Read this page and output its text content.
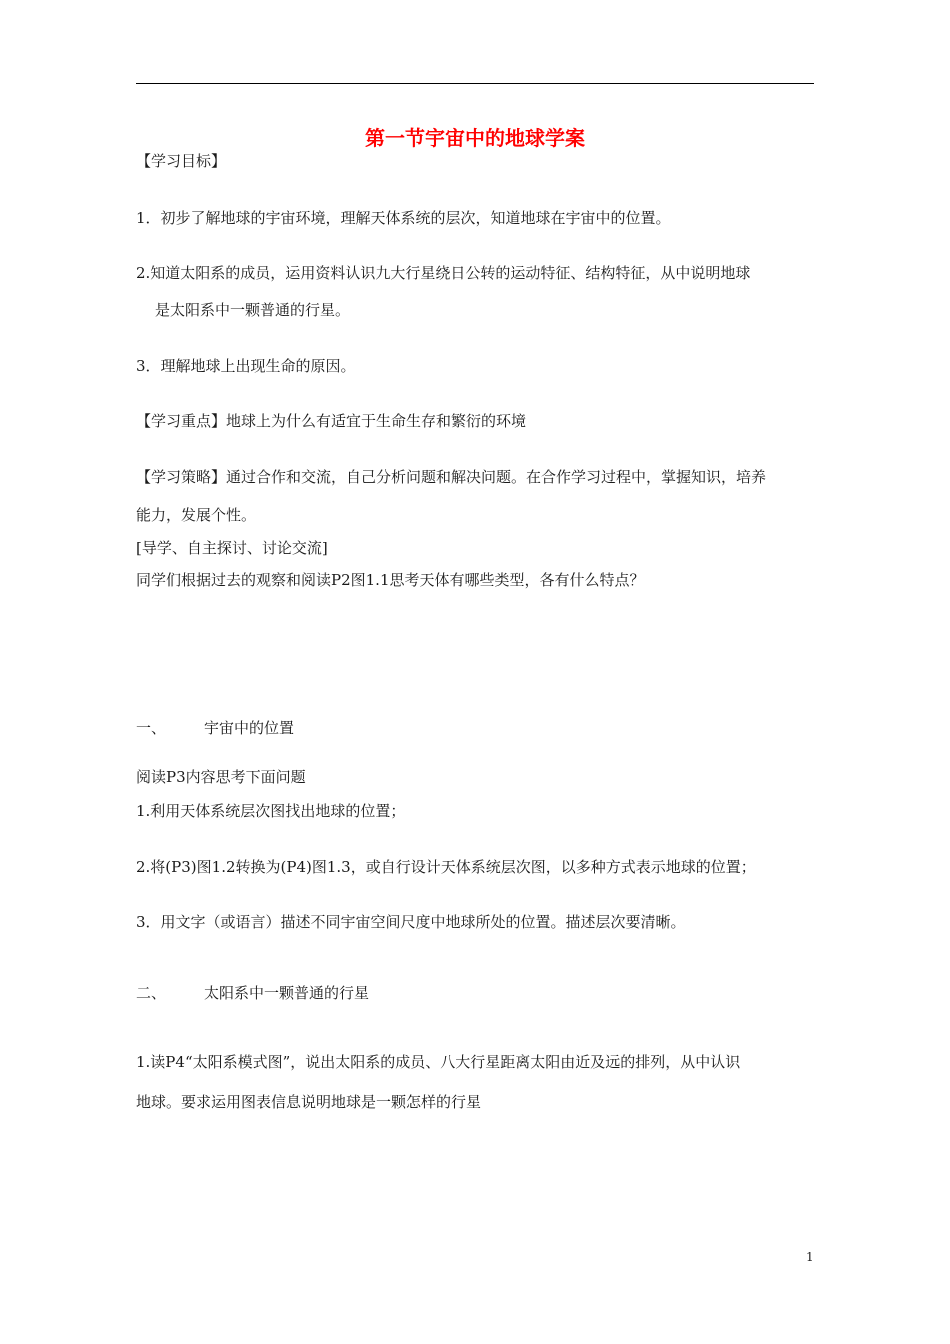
第一节宇宙中的地球学案
【学习目标】
1．初步了解地球的宇宙环境，理解天体系统的层次，知道地球在宇宙中的位置。
2.知道太阳系的成员，运用资料认识九大行星绕日公转的运动特征、结构特征，从中说明地球
是太阳系中一颗普通的行星。
3．理解地球上出现生命的原因。
【学习重点】地球上为什么有适宜于生命生存和繁衍的环境
【学习策略】通过合作和交流，自己分析问题和解决问题。在合作学习过程中，掌握知识，培养
能力，发展个性。
[导学、自主探讨、讨论交流]
同学们根据过去的观察和阅读P2图1.1思考天体有哪些类型，各有什么特点？
一、	宇宙中的位置
阅读P3内容思考下面问题
1.利用天体系统层次图找出地球的位置；
2.将(P3)图1.2转换为(P4)图1.3，或自行设计天体系统层次图，以多种方式表示地球的位置；
3．用文字（或语言）描述不同宇宙空间尺度中地球所处的位置。描述层次要清晰。
二、	太阳系中一颗普通的行星
1.读P4“太阳系模式图”，说出太阳系的成员、八大行星距离太阳由近及远的排列，从中认识
地球。要求运用图表信息说明地球是一颗怎样的行星
1
